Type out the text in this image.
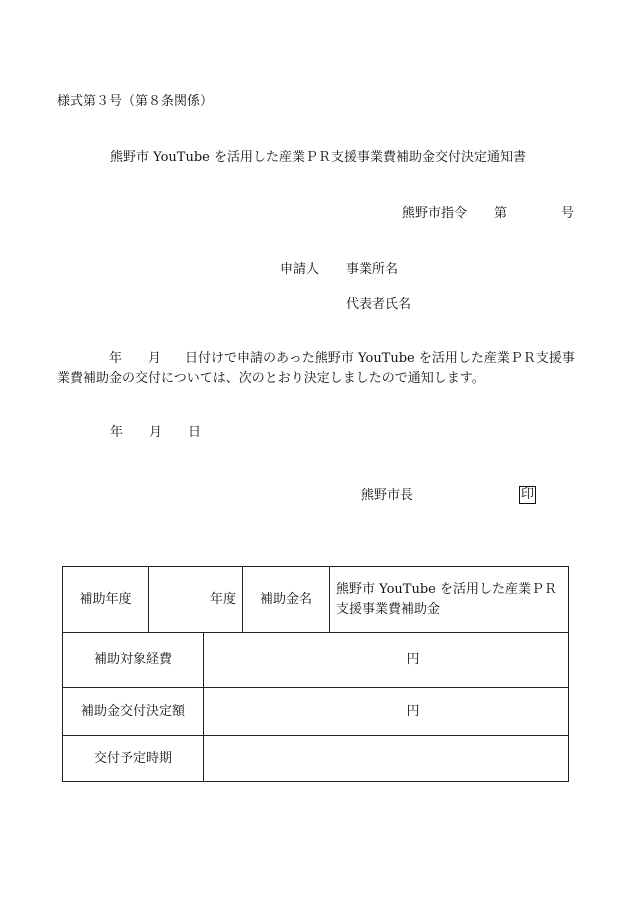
様式第３号（第８条関係）
熊野市 YouTube を活用した産業ＰＲ支援事業費補助金交付決定通知書
熊野市指令 第	号
申請人 事業所名
代表者氏名
年 月 日付けで申請のあった熊野市 YouTube を活用した産業ＰＲ支援事業費補助金の交付については、次のとおり決定しましたので通知します。
年 月 日
熊野市長	印
補助年度	年度		補助金名	熊野市 YouTube を活用した産業ＰＲ支援事業費補助金
補助対象経費		円		
補助金交付決定額		円		
交付予定時期				
